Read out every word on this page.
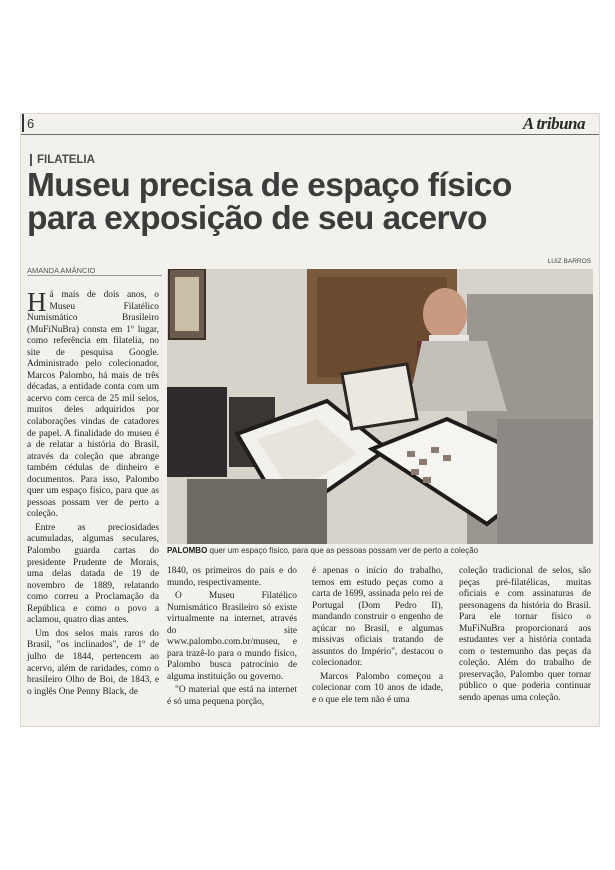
6	A tribuna
FILATELIA
Museu precisa de espaço físico para exposição de seu acervo
AMANDA AMÂNCIO
LUIZ BARROS

Há mais de dois anos, o Museu Filatélico Numismático Brasileiro (MuFiNuBra) consta em 1º lugar, como referência em filatelia, no site de pesquisa Google. Administrado pelo colecionador, Marcos Palombo, há mais de três décadas, a entidade conta com um acervo com cerca de 25 mil selos, muitos deles adquiridos por colaborações vindas de catadores de papel. A finalidade do museu é a de relatar a história do Brasil, através da coleção que abrange também cédulas de dinheiro e documentos. Para isso, Palombo quer um espaço físico, para que as pessoas possam ver de perto a coleção.

Entre as preciosidades acumuladas, algumas seculares, Palombo guarda cartas do presidente Prudente de Morais, uma delas datada de 19 de novembro de 1889, relatando como correu a Proclamação da República e como o povo a aclamou, quatro dias antes.

Um dos selos mais raros do Brasil, "os inclinados", de 1º de julho de 1844, pertencem ao acervo, além de raridades, como o brasileiro Olho de Boi, de 1843, e o inglês One Penny Black, de

PALOMBO quer um espaço físico, para que as pessoas possam ver de perto a coleção

1840, os primeiros do país e do mundo, respectivamente.

O Museu Filatélico Numismático Brasileiro só existe virtualmente na internet, através do site www.palombo.com.br/museu, e para trazê-lo para o mundo físico, Palombo busca patrocínio de alguma instituição ou governo.

"O material que está na internet é só uma pequena porção,

é apenas o início do trabalho, temos em estudo peças como a carta de 1699, assinada pelo rei de Portugal (Dom Pedro II), mandando construir o engenho de açúcar no Brasil, e algumas missivas oficiais tratando de assuntos do Império", destacou o colecionador.

Marcos Palombo começou a colecionar com 10 anos de idade, e o que ele tem não é uma

coleção tradicional de selos, são peças pré-filatélicas, muitas oficiais e com assinaturas de personagens da história do Brasil. Para ele tornar físico o MuFiNuBra proporcionará aos estudantes ver a história contada com o testemunho das peças da coleção. Além do trabalho de preservação, Palombo quer tornar público o que poderia continuar sendo apenas uma coleção.
